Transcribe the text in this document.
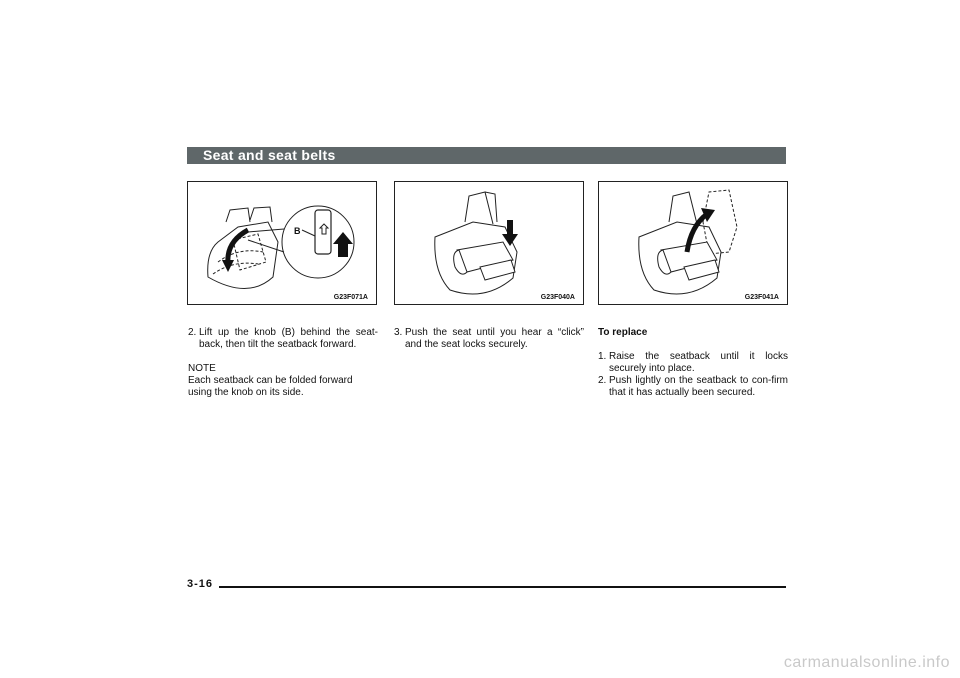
Seat and seat belts
B
G23F071A	G23F040A	G23F041A
2. Lift up the knob (B) behind the seat-back, then tilt the seatback forward.
NOTE
Each seatback can be folded forward using the knob on its side.
3. Push the seat until you hear a “click” and the seat locks securely.
To replace
1. Raise the seatback until it locks securely into place.
2. Push lightly on the seatback to con-firm that it has actually been secured.
3-16
carmanualsonline.info
